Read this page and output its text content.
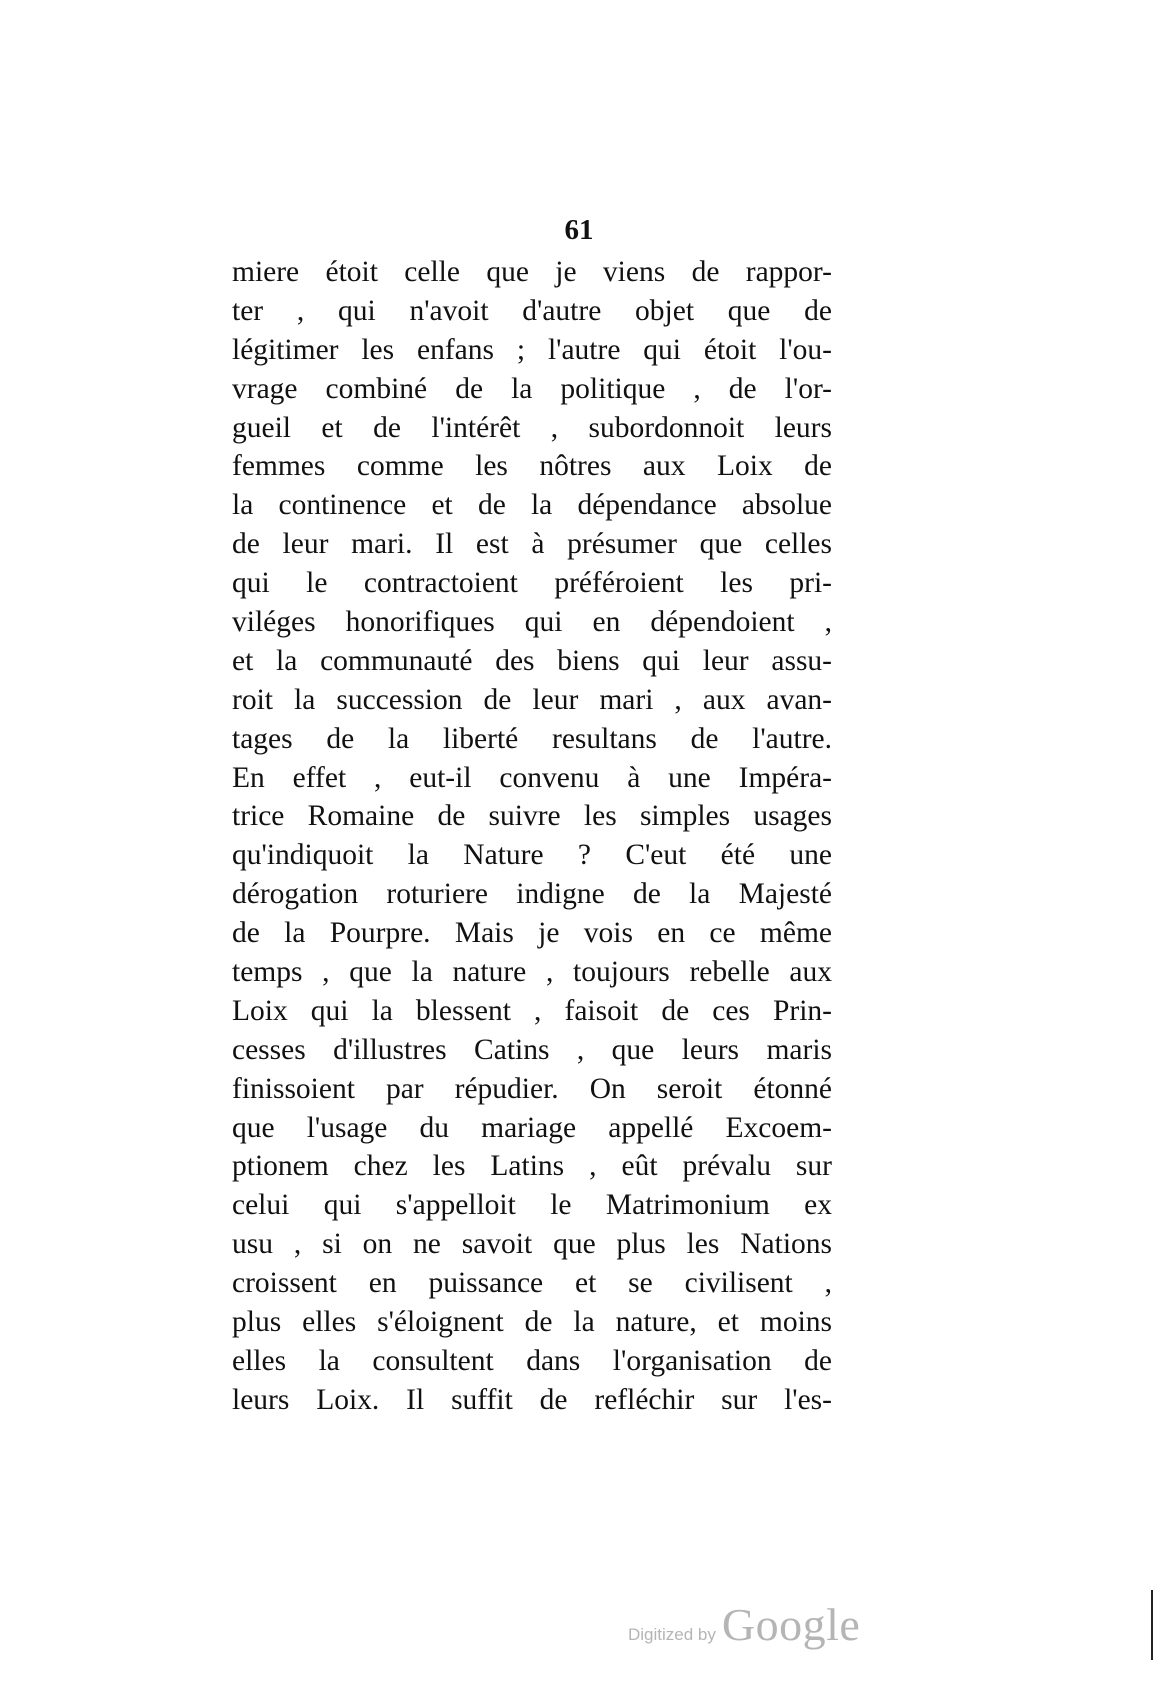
61
miere étoit celle que je viens de rappor-
ter , qui n'avoit d'autre objet que de
légitimer les enfans ; l'autre qui étoit l'ou-
vrage combiné de la politique , de l'or-
gueil et de l'intérêt , subordonnoit leurs
femmes comme les nôtres aux Loix de
la continence et de la dépendance absolue
de leur mari. Il est à présumer que celles
qui le contractoient préféroient les pri-
viléges honorifiques qui en dépendoient ,
et la communauté des biens qui leur assu-
roit la succession de leur mari , aux avan-
tages de la liberté resultans de l'autre.
En effet , eut-il convenu à une Impéra-
trice Romaine de suivre les simples usages
qu'indiquoit la Nature ? C'eut été une
dérogation roturiere indigne de la Majesté
de la Pourpre. Mais je vois en ce même
temps , que la nature , toujours rebelle aux
Loix qui la blessent , faisoit de ces Prin-
cesses d'illustres Catins , que leurs maris
finissoient par répudier. On seroit étonné
que l'usage du mariage appellé Excoem-
ptionem chez les Latins , eût prévalu sur
celui qui s'appelloit le Matrimonium ex
usu , si on ne savoit que plus les Nations
croissent en puissance et se civilisent ,
plus elles s'éloignent de la nature, et moins
elles la consultent dans l'organisation de
leurs Loix. Il suffit de refléchir sur l'es-
Digitized by Google
